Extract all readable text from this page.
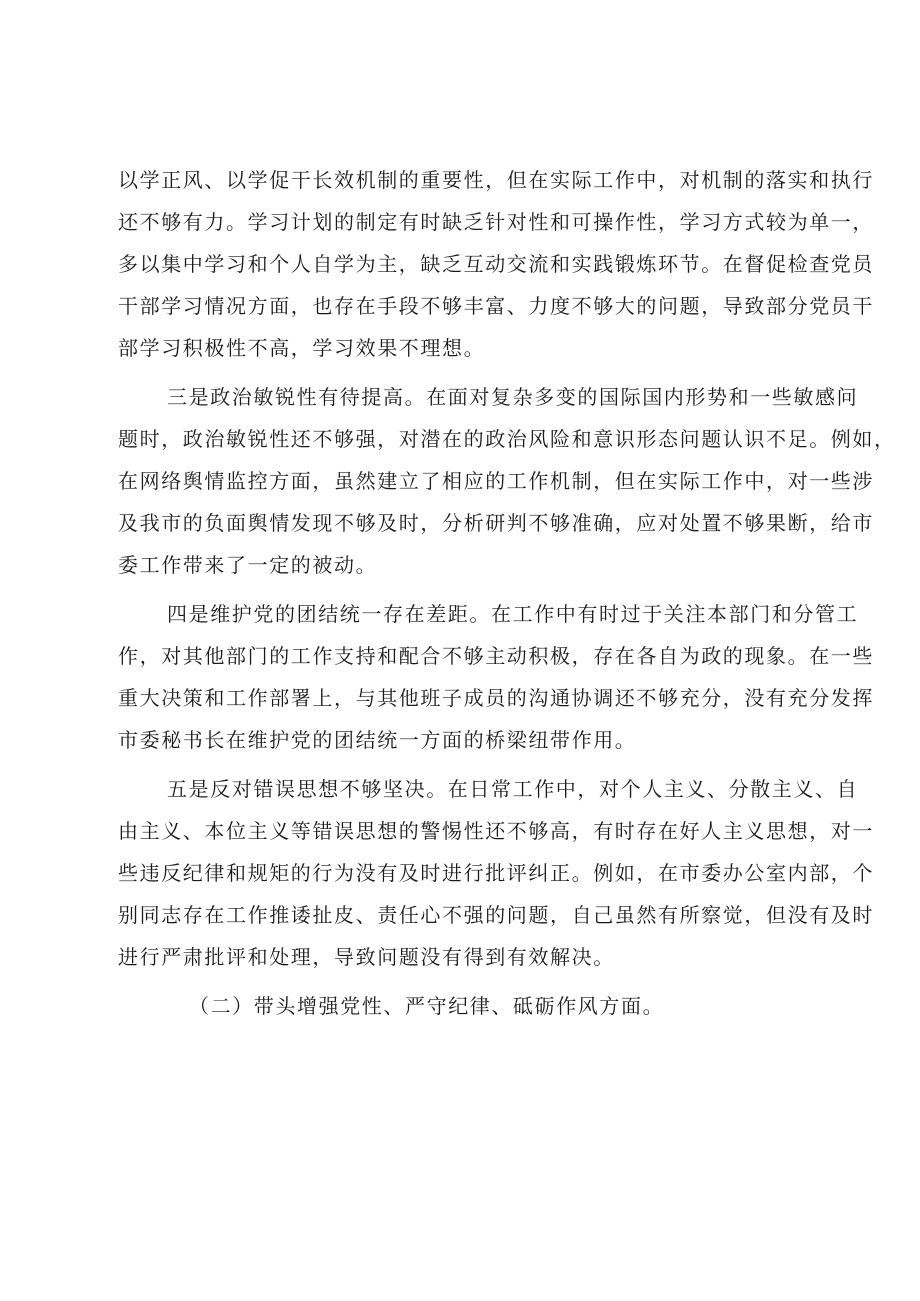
以学正风、以学促干长效机制的重要性，但在实际工作中，对机制的落实和执行
还不够有力。学习计划的制定有时缺乏针对性和可操作性，学习方式较为单一，
多以集中学习和个人自学为主，缺乏互动交流和实践锻炼环节。在督促检查党员
干部学习情况方面，也存在手段不够丰富、力度不够大的问题，导致部分党员干
部学习积极性不高，学习效果不理想。
三是政治敏锐性有待提高。在面对复杂多变的国际国内形势和一些敏感问
题时，政治敏锐性还不够强，对潜在的政治风险和意识形态问题认识不足。例如，
在网络舆情监控方面，虽然建立了相应的工作机制，但在实际工作中，对一些涉
及我市的负面舆情发现不够及时，分析研判不够准确，应对处置不够果断，给市
委工作带来了一定的被动。
四是维护党的团结统一存在差距。在工作中有时过于关注本部门和分管工
作，对其他部门的工作支持和配合不够主动积极，存在各自为政的现象。在一些
重大决策和工作部署上，与其他班子成员的沟通协调还不够充分，没有充分发挥
市委秘书长在维护党的团结统一方面的桥梁纽带作用。
五是反对错误思想不够坚决。在日常工作中，对个人主义、分散主义、自
由主义、本位主义等错误思想的警惕性还不够高，有时存在好人主义思想，对一
些违反纪律和规矩的行为没有及时进行批评纠正。例如，在市委办公室内部，个
别同志存在工作推诿扯皮、责任心不强的问题，自己虽然有所察觉，但没有及时
进行严肃批评和处理，导致问题没有得到有效解决。
（二）带头增强党性、严守纪律、砥砺作风方面。
